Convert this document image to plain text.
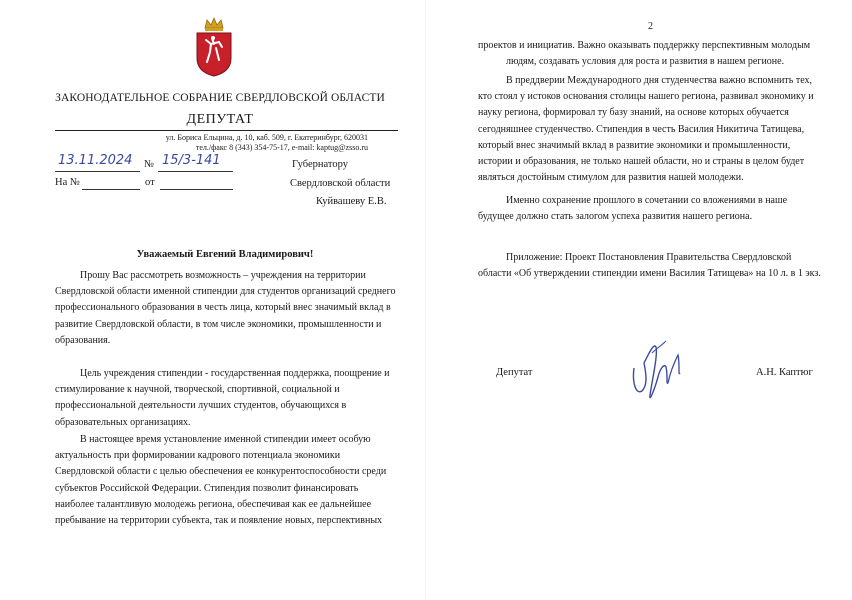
ЗАКОНОДАТЕЛЬНОЕ СОБРАНИЕ СВЕРДЛОВСКОЙ ОБЛАСТИ
ДЕПУТАТ
ул. Бориса Ельцина, д. 10, каб. 509, г. Екатеринбург, 620031
тел./факс 8 (343) 354-75-17, e-mail: kaptug@zsso.ru
13.11.2024 № 15/3-141
На №	от
Губернатору
Свердловской области
Куйвашеву Е.В.
Уважаемый Евгений Владимирович!
Прошу Вас рассмотреть возможность – учреждения на территории
Свердловской области именной стипендии для студентов организаций среднего
профессионального образования в честь лица, который внес значимый вклад в
развитие Свердловской области, в том числе экономики, промышленности и
образования.
Цель учреждения стипендии - государственная поддержка, поощрение и
стимулирование к научной, творческой, спортивной, социальной и
профессиональной деятельности лучших студентов, обучающихся в
образовательных организациях.
В настоящее время установление именной стипендии имеет особую
актуальность при формировании кадрового потенциала экономики
Свердловской области с целью обеспечения ее конкурентоспособности среди
субъектов Российской Федерации. Стипендия позволит финансировать
наиболее талантливую молодежь региона, обеспечивая как ее дальнейшее
пребывание на территории субъекта, так и появление новых, перспективных
2
проектов и инициатив. Важно оказывать поддержку перспективным молодым
людям, создавать условия для роста и развития в нашем регионе.
В преддверии Международного дня студенчества важно вспомнить тех,
кто стоял у истоков основания столицы нашего региона, развивал экономику и
науку региона, формировал ту базу знаний, на основе которых обучается
сегодняшнее студенчество. Стипендия в честь Василия Никитича Татищева,
который внес значимый вклад в развитие экономики и промышленности,
истории и образования, не только нашей области, но и страны в целом будет
являться достойным стимулом для развития нашей молодежи.
Именно сохранение прошлого в сочетании со вложениями в наше
будущее должно стать залогом успеха развития нашего региона.
Приложение: Проект Постановления Правительства Свердловской
области «Об утверждении стипендии имени Василия Татищева» на 10 л. в 1 экз.
Депутат	А.Н. Каптюг
